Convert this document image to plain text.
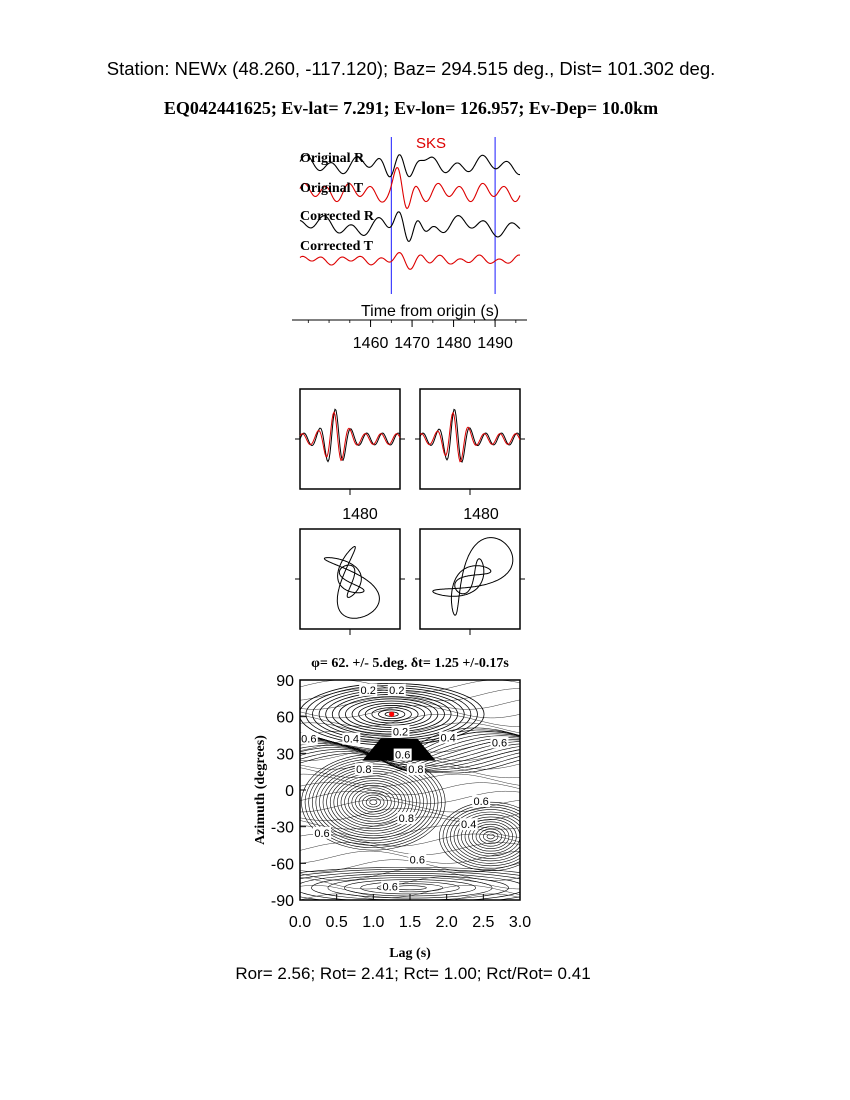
Station: NEWx (48.260, -117.120); Baz= 294.515 deg., Dist= 101.302 deg.
EQ042441625; Ev-lat= 7.291; Ev-lon= 126.957; Ev-Dep= 10.0km
SKS
Original R
Original T
Corrected R
Corrected T
Time from origin (s)
1460 1470 1480 1490
1480	1480
φ= 62. +/- 5.deg. δt= 1.25 +/-0.17s
0.2 0.2
0.4	0.4
0.6	0.6
0.2
0.6
0.8	0.8
0.8
0.6
0.4
0.6
0.6
0.6
0.0 0.5 1.0 1.5 2.0 2.5 3.0
90
60
30
0
-30
-60
-90
Lag (s)
Azimuth (degrees)
Ror= 2.56; Rot= 2.41; Rct= 1.00; Rct/Rot= 0.41
